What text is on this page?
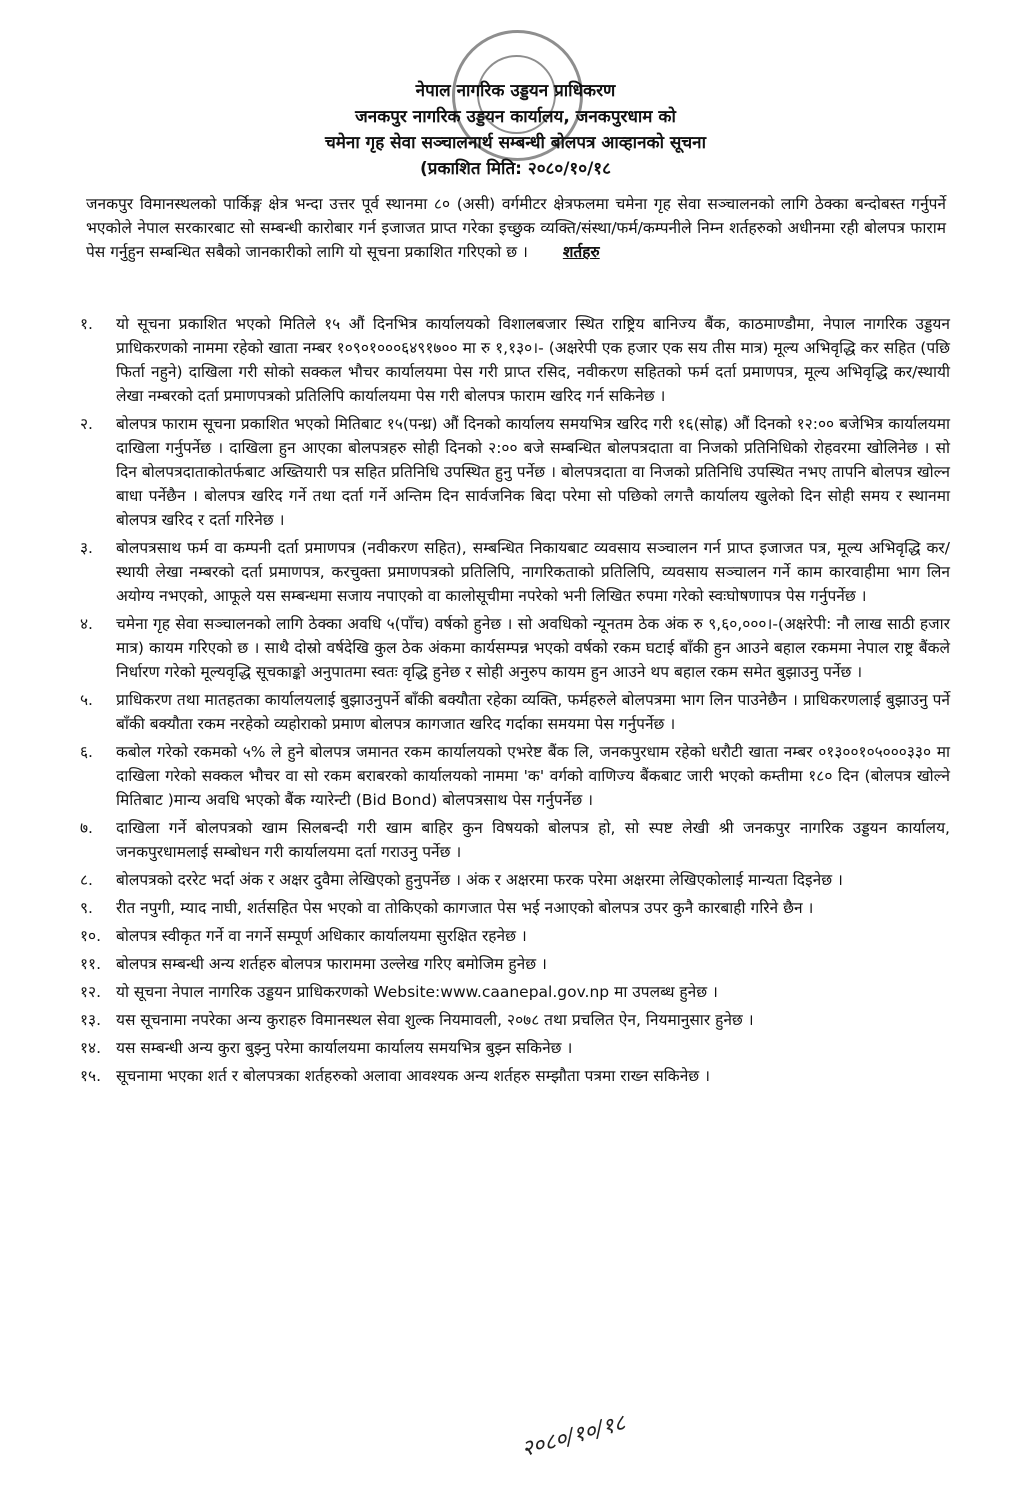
नेपाल नागरिक उड्डयन प्राधिकरण
जनकपुर नागरिक उड्डयन कार्यालय, जनकपुरधाम को
चमेना गृह सेवा सञ्चालनार्थ सम्बन्धी बोलपत्र आव्हानको सूचना
(प्रकाशित मिति: २०८०/१०/१८
जनकपुर विमानस्थलको पार्किङ्ग क्षेत्र भन्दा उत्तर पूर्व स्थानमा ८० (असी) वर्गमीटर क्षेत्रफलमा चमेना गृह सेवा सञ्चालनको लागि ठेक्का बन्दोबस्त गर्नुपर्ने भएकोले नेपाल सरकारबाट सो सम्बन्धी कारोबार गर्न इजाजत प्राप्त गरेका इच्छुक व्यक्ति/संस्था/फर्म/कम्पनीले निम्न शर्तहरुको अधीनमा रही बोलपत्र फाराम पेस गर्नुहुन सम्बन्धित सबैको जानकारीको लागि यो सूचना प्रकाशित गरिएको छ । शर्तहरु
१.	यो सूचना प्रकाशित भएको मितिले १५ औं दिनभित्र कार्यालयको विशालबजार स्थित राष्ट्रिय बानिज्य बैंक, काठमाण्डौमा, नेपाल नागरिक उड्डयन प्राधिकरणको नाममा रहेको खाता नम्बर १०९०१०००६४९१७०० मा रु १,१३०।- (अक्षरेपी एक हजार एक सय तीस मात्र) मूल्य अभिवृद्धि कर सहित (पछि फिर्ता नहुने) दाखिला गरी सोको सक्कल भौचर कार्यालयमा पेस गरी प्राप्त रसिद, नवीकरण सहितको फर्म दर्ता प्रमाणपत्र, मूल्य अभिवृद्धि कर/स्थायी लेखा नम्बरको दर्ता प्रमाणपत्रको प्रतिलिपि कार्यालयमा पेस गरी बोलपत्र फाराम खरिद गर्न सकिनेछ ।
२.	बोलपत्र फाराम सूचना प्रकाशित भएको मितिबाट १५(पन्ध्र) औं दिनको कार्यालय समयभित्र खरिद गरी १६(सोह्र) औं दिनको १२:०० बजेभित्र कार्यालयमा दाखिला गर्नुपर्नेछ । दाखिला हुन आएका बोलपत्रहरु सोही दिनको २:०० बजे सम्बन्धित बोलपत्रदाता वा निजको प्रतिनिधिको रोहवरमा खोलिनेछ । सो दिन बोलपत्रदाताकोतर्फबाट अख्तियारी पत्र सहित प्रतिनिधि उपस्थित हुनु पर्नेछ । बोलपत्रदाता वा निजको प्रतिनिधि उपस्थित नभए तापनि बोलपत्र खोल्न बाधा पर्नेछैन । बोलपत्र खरिद गर्ने तथा दर्ता गर्ने अन्तिम दिन सार्वजनिक बिदा परेमा सो पछिको लगत्तै कार्यालय खुलेको दिन सोही समय र स्थानमा बोलपत्र खरिद र दर्ता गरिनेछ ।
३.	बोलपत्रसाथ फर्म वा कम्पनी दर्ता प्रमाणपत्र (नवीकरण सहित), सम्बन्धित निकायबाट व्यवसाय सञ्चालन गर्न प्राप्त इजाजत पत्र, मूल्य अभिवृद्धि कर/स्थायी लेखा नम्बरको दर्ता प्रमाणपत्र, करचुक्ता प्रमाणपत्रको प्रतिलिपि, नागरिकताको प्रतिलिपि, व्यवसाय सञ्चालन गर्ने काम कारवाहीमा भाग लिन अयोग्य नभएको, आफूले यस सम्बन्धमा सजाय नपाएको वा कालोसूचीमा नपरेको भनी लिखित रुपमा गरेको स्वःघोषणापत्र पेस गर्नुपर्नेछ ।
४.	चमेना गृह सेवा सञ्चालनको लागि ठेक्का अवधि ५(पाँच) वर्षको हुनेछ । सो अवधिको न्यूनतम ठेक अंक रु ९,६०,०००।-(अक्षरेपी: नौ लाख साठी हजार मात्र) कायम गरिएको छ । साथै दोस्रो वर्षदेखि कुल ठेक अंकमा कार्यसम्पन्न भएको वर्षको रकम घटाई बाँकी हुन आउने बहाल रकममा नेपाल राष्ट्र बैंकले निर्धारण गरेको मूल्यवृद्धि सूचकाङ्को अनुपातमा स्वतः वृद्धि हुनेछ र सोही अनुरुप कायम हुन आउने थप बहाल रकम समेत बुझाउनु पर्नेछ ।
५.	प्राधिकरण तथा मातहतका कार्यालयलाई बुझाउनुपर्ने बाँकी बक्यौता रहेका व्यक्ति, फर्महरुले बोलपत्रमा भाग लिन पाउनेछैन । प्राधिकरणलाई बुझाउनु पर्ने बाँकी बक्यौता रकम नरहेको व्यहोराको प्रमाण बोलपत्र कागजात खरिद गर्दाका समयमा पेस गर्नुपर्नेछ ।
६.	कबोल गरेको रकमको ५% ले हुने बोलपत्र जमानत रकम कार्यालयको एभरेष्ट बैंक लि, जनकपुरधाम रहेको धरौटी खाता नम्बर ०१३००१०५०००३३० मा दाखिला गरेको सक्कल भौचर वा सो रकम बराबरको कार्यालयको नाममा 'क' वर्गको वाणिज्य बैंकबाट जारी भएको कम्तीमा १८० दिन (बोलपत्र खोल्ने मितिबाट )मान्य अवधि भएको बैंक ग्यारेन्टी (Bid Bond) बोलपत्रसाथ पेस गर्नुपर्नेछ ।
७.	दाखिला गर्ने बोलपत्रको खाम सिलबन्दी गरी खाम बाहिर कुन विषयको बोलपत्र हो, सो स्पष्ट लेखी श्री जनकपुर नागरिक उड्डयन कार्यालय, जनकपुरधामलाई सम्बोधन गरी कार्यालयमा दर्ता गराउनु पर्नेछ ।
८.	बोलपत्रको दररेट भर्दा अंक र अक्षर दुवैमा लेखिएको हुनुपर्नेछ । अंक र अक्षरमा फरक परेमा अक्षरमा लेखिएकोलाई मान्यता दिइनेछ ।
९.	रीत नपुगी, म्याद नाघी, शर्तसहित पेस भएको वा तोकिएको कागजात पेस भई नआएको बोलपत्र उपर कुनै कारबाही गरिने छैन ।
१०. बोलपत्र स्वीकृत गर्ने वा नगर्ने सम्पूर्ण अधिकार कार्यालयमा सुरक्षित रहनेछ ।
११. बोलपत्र सम्बन्धी अन्य शर्तहरु बोलपत्र फाराममा उल्लेख गरिए बमोजिम हुनेछ ।
१२. यो सूचना नेपाल नागरिक उड्डयन प्राधिकरणको Website:www.caanepal.gov.np मा उपलब्ध हुनेछ ।
१३. यस सूचनामा नपरेका अन्य कुराहरु विमानस्थल सेवा शुल्क नियमावली, २०७८ तथा प्रचलित ऐन, नियमानुसार हुनेछ ।
१४. यस सम्बन्धी अन्य कुरा बुझ्नु परेमा कार्यालयमा कार्यालय समयभित्र बुझ्न सकिनेछ ।
१५. सूचनामा भएका शर्त र बोलपत्रका शर्तहरुको अलावा आवश्यक अन्य शर्तहरु सम्झौता पत्रमा राख्न सकिनेछ ।
२०८०/१०/१८
